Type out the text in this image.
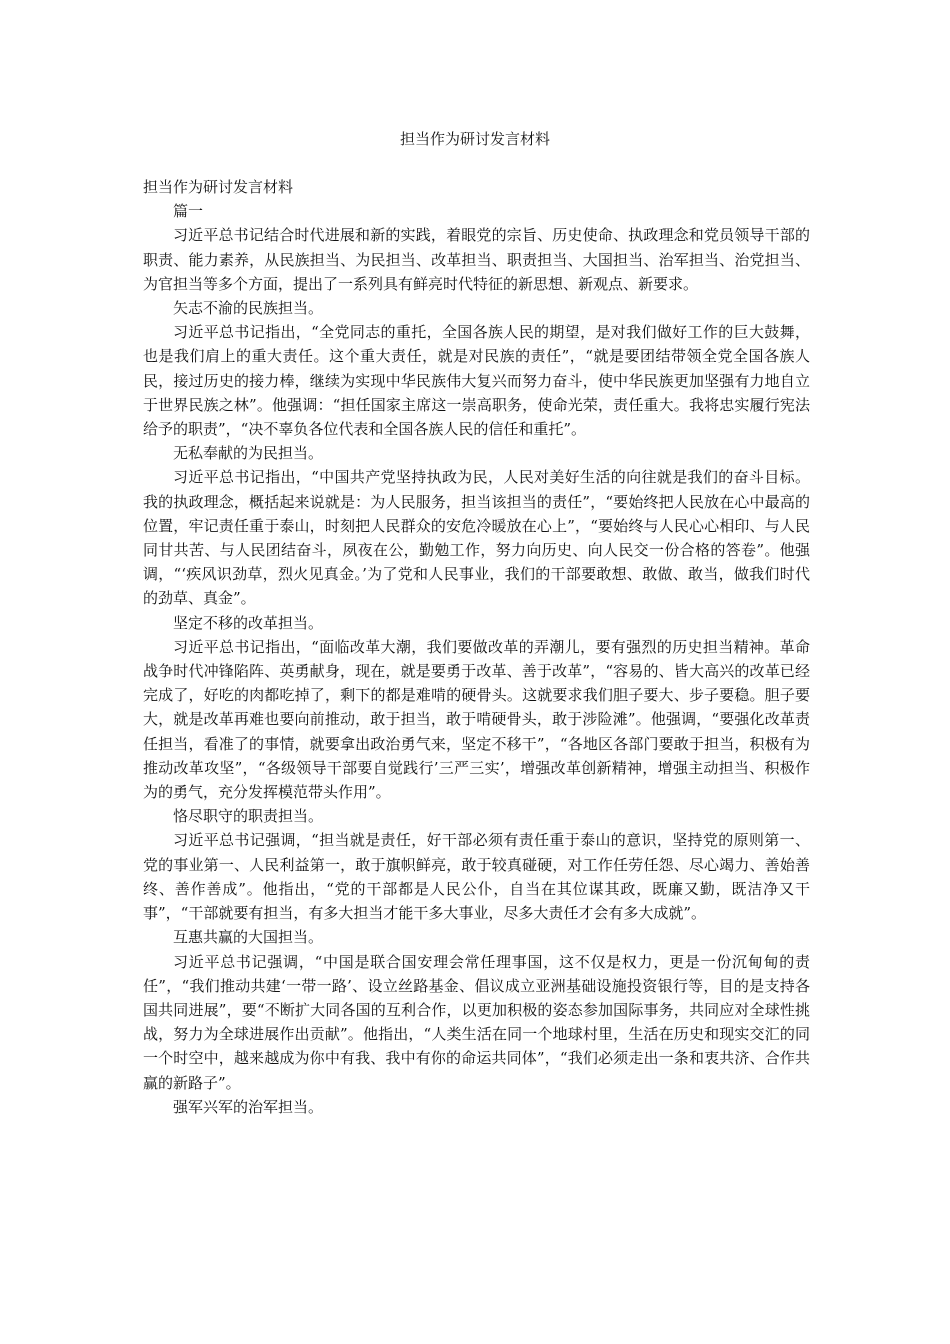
担当作为研讨发言材料

担当作为研讨发言材料

篇一

习近平总书记结合时代进展和新的实践，着眼党的宗旨、历史使命、执政理念和党员领导干部的职责、能力素养，从民族担当、为民担当、改革担当、职责担当、大国担当、治军担当、治党担当、为官担当等多个方面，提出了一系列具有鲜亮时代特征的新思想、新观点、新要求。

矢志不渝的民族担当。

习近平总书记指出，“全党同志的重托，全国各族人民的期望，是对我们做好工作的巨大鼓舞，也是我们肩上的重大责任。这个重大责任，就是对民族的责任”，“就是要团结带领全党全国各族人民，接过历史的接力棒，继续为实现中华民族伟大复兴而努力奋斗，使中华民族更加坚强有力地自立于世界民族之林”。他强调：“担任国家主席这一崇高职务，使命光荣，责任重大。我将忠实履行宪法给予的职责”，“决不辜负各位代表和全国各族人民的信任和重托”。

无私奉献的为民担当。

习近平总书记指出，“中国共产党坚持执政为民，人民对美好生活的向往就是我们的奋斗目标。我的执政理念，概括起来说就是：为人民服务，担当该担当的责任”，“要始终把人民放在心中最高的位置，牢记责任重于泰山，时刻把人民群众的安危冷暖放在心上”，“要始终与人民心心相印、与人民同甘共苦、与人民团结奋斗，夙夜在公，勤勉工作，努力向历史、向人民交一份合格的答卷”。他强调，“‘疾风识劲草，烈火见真金。’为了党和人民事业，我们的干部要敢想、敢做、敢当，做我们时代的劲草、真金”。

坚定不移的改革担当。

习近平总书记指出，“面临改革大潮，我们要做改革的弄潮儿，要有强烈的历史担当精神。革命战争时代冲锋陷阵、英勇献身，现在，就是要勇于改革、善于改革”，“容易的、皆大高兴的改革已经完成了，好吃的肉都吃掉了，剩下的都是难啃的硬骨头。这就要求我们胆子要大、步子要稳。胆子要大，就是改革再难也要向前推动，敢于担当，敢于啃硬骨头，敢于涉险滩”。他强调，“要强化改革责任担当，看准了的事情，就要拿出政治勇气来，坚定不移干”，“各地区各部门要敢于担当，积极有为推动改革攻坚”，“各级领导干部要自觉践行’三严三实’，增强改革创新精神，增强主动担当、积极作为的勇气，充分发挥模范带头作用”。

恪尽职守的职责担当。

习近平总书记强调，“担当就是责任，好干部必须有责任重于泰山的意识，坚持党的原则第一、党的事业第一、人民利益第一，敢于旗帜鲜亮，敢于较真碰硬，对工作任劳任怨、尽心竭力、善始善终、善作善成”。他指出，“党的干部都是人民公仆，自当在其位谋其政，既廉又勤，既洁净又干事”，“干部就要有担当，有多大担当才能干多大事业，尽多大责任才会有多大成就”。

互惠共赢的大国担当。

习近平总书记强调，“中国是联合国安理会常任理事国，这不仅是权力，更是一份沉甸甸的责任”，“我们推动共建‘一带一路’、设立丝路基金、倡议成立亚洲基础设施投资银行等，目的是支持各国共同进展”，要“不断扩大同各国的互利合作，以更加积极的姿态参加国际事务，共同应对全球性挑战，努力为全球进展作出贡献”。他指出，“人类生活在同一个地球村里，生活在历史和现实交汇的同一个时空中，越来越成为你中有我、我中有你的命运共同体”，“我们必须走出一条和衷共济、合作共赢的新路子”。

强军兴军的治军担当。
